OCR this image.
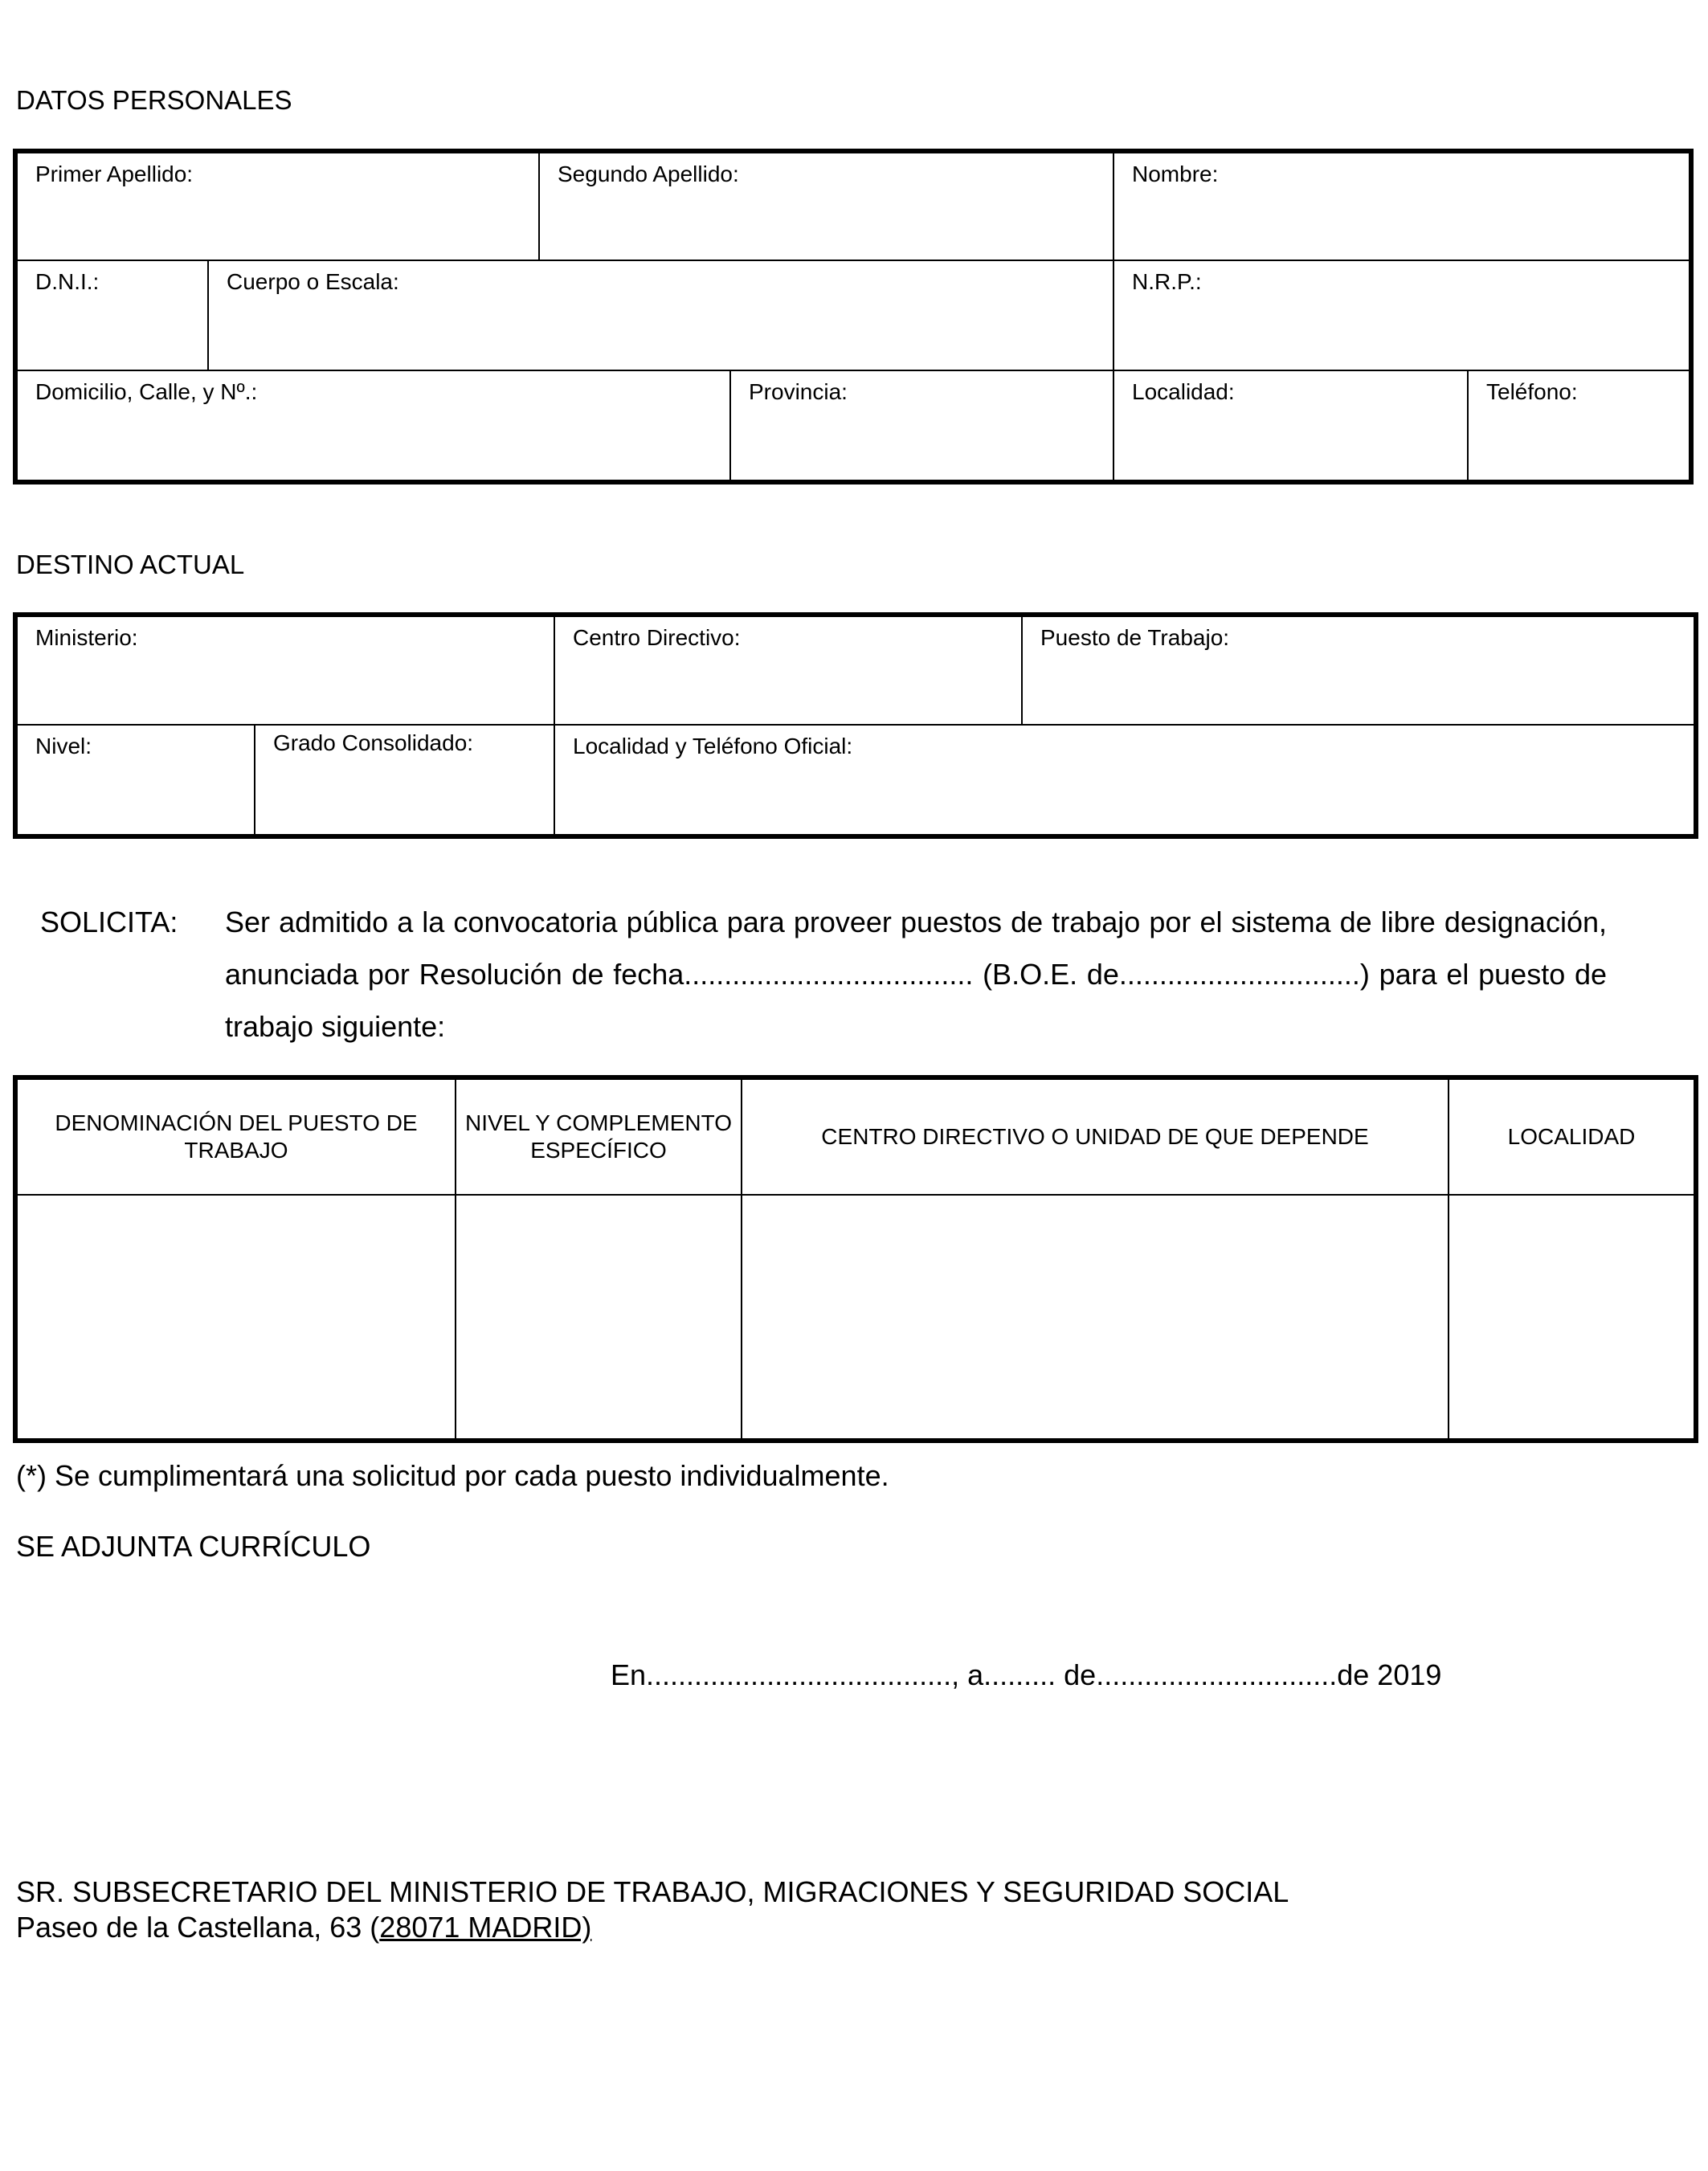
DATOS PERSONALES
Primer Apellido:		Segundo Apellido:		Nombre:	

D.N.I.:	Cuerpo o Escala:			N.R.P.:	

Domicilio, Calle, y Nº.:			Provincia:	Localidad:	Teléfono:
DESTINO ACTUAL
Ministerio:		Centro Directivo:	Puesto de Trabajo:

Nivel:	Grado Consolidado:	Localidad y Teléfono Oficial:	
SOLICITA: Ser admitido a la convocatoria pública para proveer puestos de trabajo por el sistema de libre designación, anunciada por Resolución de fecha.................................... (B.O.E. de..............................) para el puesto de trabajo siguiente:
DENOMINACIÓN DEL PUESTO DE TRABAJO	NIVEL Y COMPLEMENTO ESPECÍFICO	CENTRO DIRECTIVO O UNIDAD DE QUE DEPENDE	LOCALIDAD

(*) Se cumplimentará una solicitud por cada puesto individualmente.
SE ADJUNTA CURRÍCULO
En......................................, a......... de..............................de 2019
SR. SUBSECRETARIO DEL MINISTERIO DE TRABAJO, MIGRACIONES Y SEGURIDAD SOCIAL
Paseo de la Castellana, 63 (28071 MADRID)
